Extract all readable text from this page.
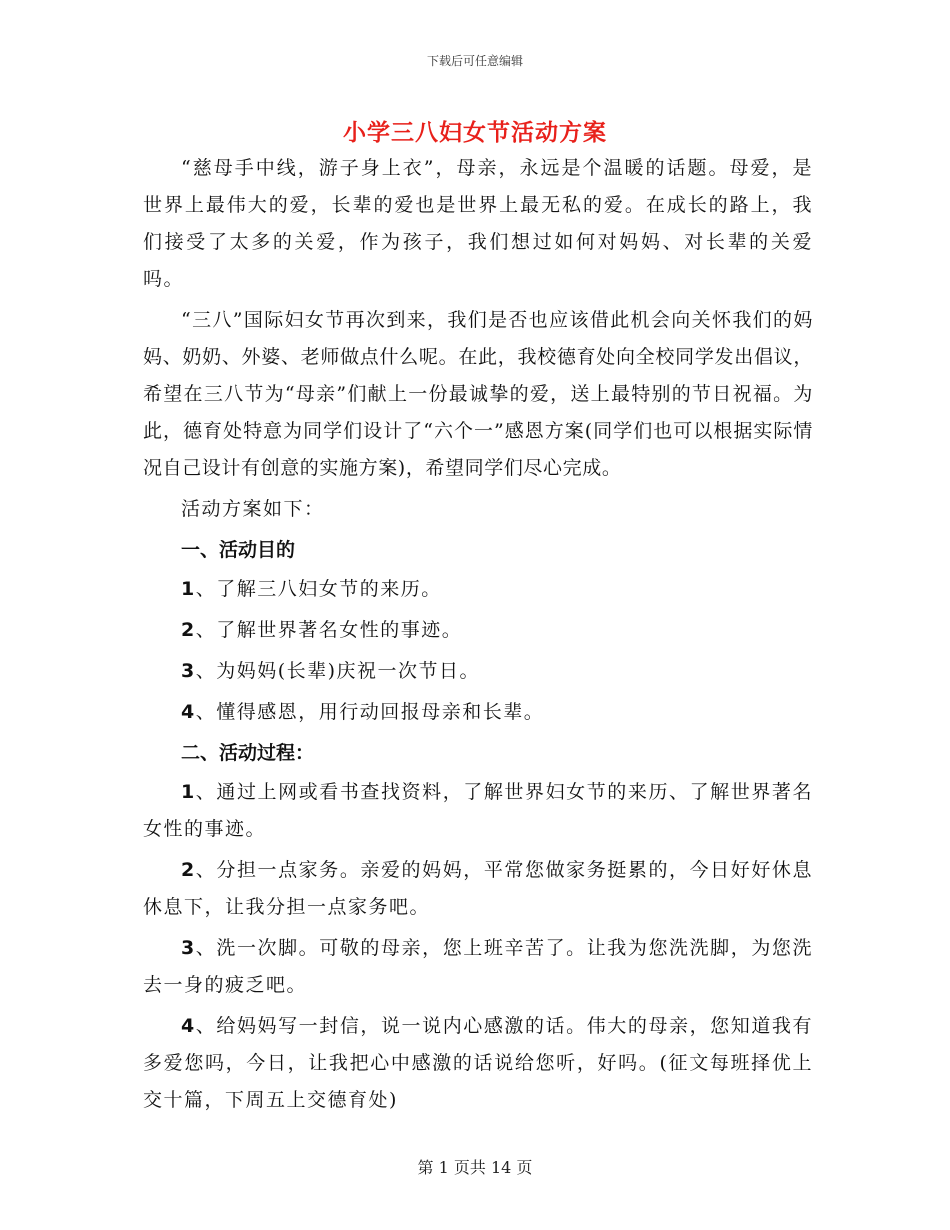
下载后可任意编辑
小学三八妇女节活动方案

“慈母手中线，游子身上衣”，母亲，永远是个温暖的话题。母爱，是世界上最伟大的爱，长辈的爱也是世界上最无私的爱。在成长的路上，我们接受了太多的关爱，作为孩子，我们想过如何对妈妈、对长辈的关爱吗。

“三八”国际妇女节再次到来，我们是否也应该借此机会向关怀我们的妈妈、奶奶、外婆、老师做点什么呢。在此，我校德育处向全校同学发出倡议，希望在三八节为“母亲”们献上一份最诚挚的爱，送上最特别的节日祝福。为此，德育处特意为同学们设计了“六个一”感恩方案(同学们也可以根据实际情况自己设计有创意的实施方案)，希望同学们尽心完成。

活动方案如下：

一、活动目的

1、了解三八妇女节的来历。

2、了解世界著名女性的事迹。

3、为妈妈(长辈)庆祝一次节日。

4、懂得感恩，用行动回报母亲和长辈。

二、活动过程：

1、通过上网或看书查找资料，了解世界妇女节的来历、了解世界著名女性的事迹。

2、分担一点家务。亲爱的妈妈，平常您做家务挺累的，今日好好休息休息下，让我分担一点家务吧。

3、洗一次脚。可敬的母亲，您上班辛苦了。让我为您洗洗脚，为您洗去一身的疲乏吧。

4、给妈妈写一封信，说一说内心感激的话。伟大的母亲，您知道我有多爱您吗，今日，让我把心中感激的话说给您听，好吗。(征文每班择优上交十篇，下周五上交德育处)

第 1 页共 14 页
